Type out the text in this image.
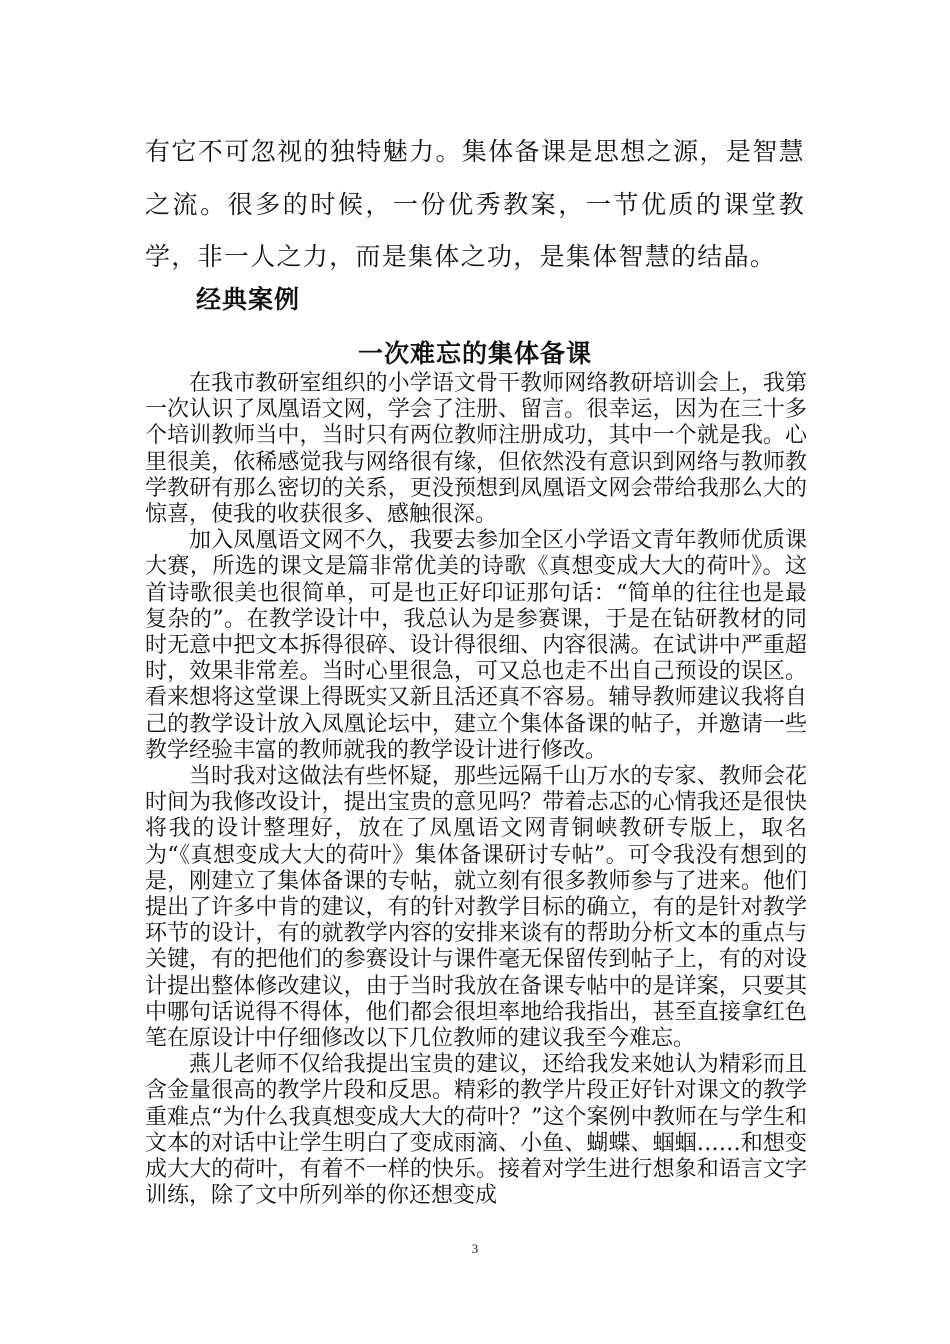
有它不可忽视的独特魅力。集体备课是思想之源，是智慧之流。很多的时候，一份优秀教案，一节优质的课堂教学，非一人之力，而是集体之功，是集体智慧的结晶。

经典案例

一次难忘的集体备课

在我市教研室组织的小学语文骨干教师网络教研培训会上，我第一次认识了凤凰语文网，学会了注册、留言。很幸运，因为在三十多个培训教师当中，当时只有两位教师注册成功，其中一个就是我。心里很美，依稀感觉我与网络很有缘，但依然没有意识到网络与教师教学教研有那么密切的关系，更没预想到凤凰语文网会带给我那么大的惊喜，使我的收获很多、感触很深。

加入凤凰语文网不久，我要去参加全区小学语文青年教师优质课大赛，所选的课文是篇非常优美的诗歌《真想变成大大的荷叶》。这首诗歌很美也很简单，可是也正好印证那句话：“简单的往往也是最复杂的”。在教学设计中，我总认为是参赛课，于是在钻研教材的同时无意中把文本拆得很碎、设计得很细、内容很满。在试讲中严重超时，效果非常差。当时心里很急，可又总也走不出自己预设的误区。看来想将这堂课上得既实又新且活还真不容易。辅导教师建议我将自己的教学设计放入凤凰论坛中，建立个集体备课的帖子，并邀请一些教学经验丰富的教师就我的教学设计进行修改。

当时我对这做法有些怀疑，那些远隔千山万水的专家、教师会花时间为我修改设计，提出宝贵的意见吗？带着忐忑的心情我还是很快将我的设计整理好，放在了凤凰语文网青铜峡教研专版上，取名为“《真想变成大大的荷叶》集体备课研讨专帖”。可令我没有想到的是，刚建立了集体备课的专帖，就立刻有很多教师参与了进来。他们提出了许多中肯的建议，有的针对教学目标的确立，有的是针对教学环节的设计，有的就教学内容的安排来谈有的帮助分析文本的重点与关键，有的把他们的参赛设计与课件毫无保留传到帖子上，有的对设计提出整体修改建议，由于当时我放在备课专帖中的是详案，只要其中哪句话说得不得体，他们都会很坦率地给我指出，甚至直接拿红色笔在原设计中仔细修改以下几位教师的建议我至今难忘。

燕儿老师不仅给我提出宝贵的建议，还给我发来她认为精彩而且含金量很高的教学片段和反思。精彩的教学片段正好针对课文的教学重难点“为什么我真想变成大大的荷叶？”这个案例中教师在与学生和文本的对话中让学生明白了变成雨滴、小鱼、蝴蝶、蝈蝈……和想变成大大的荷叶，有着不一样的快乐。接着对学生进行想象和语言文字训练，除了文中所列举的你还想变成

3
